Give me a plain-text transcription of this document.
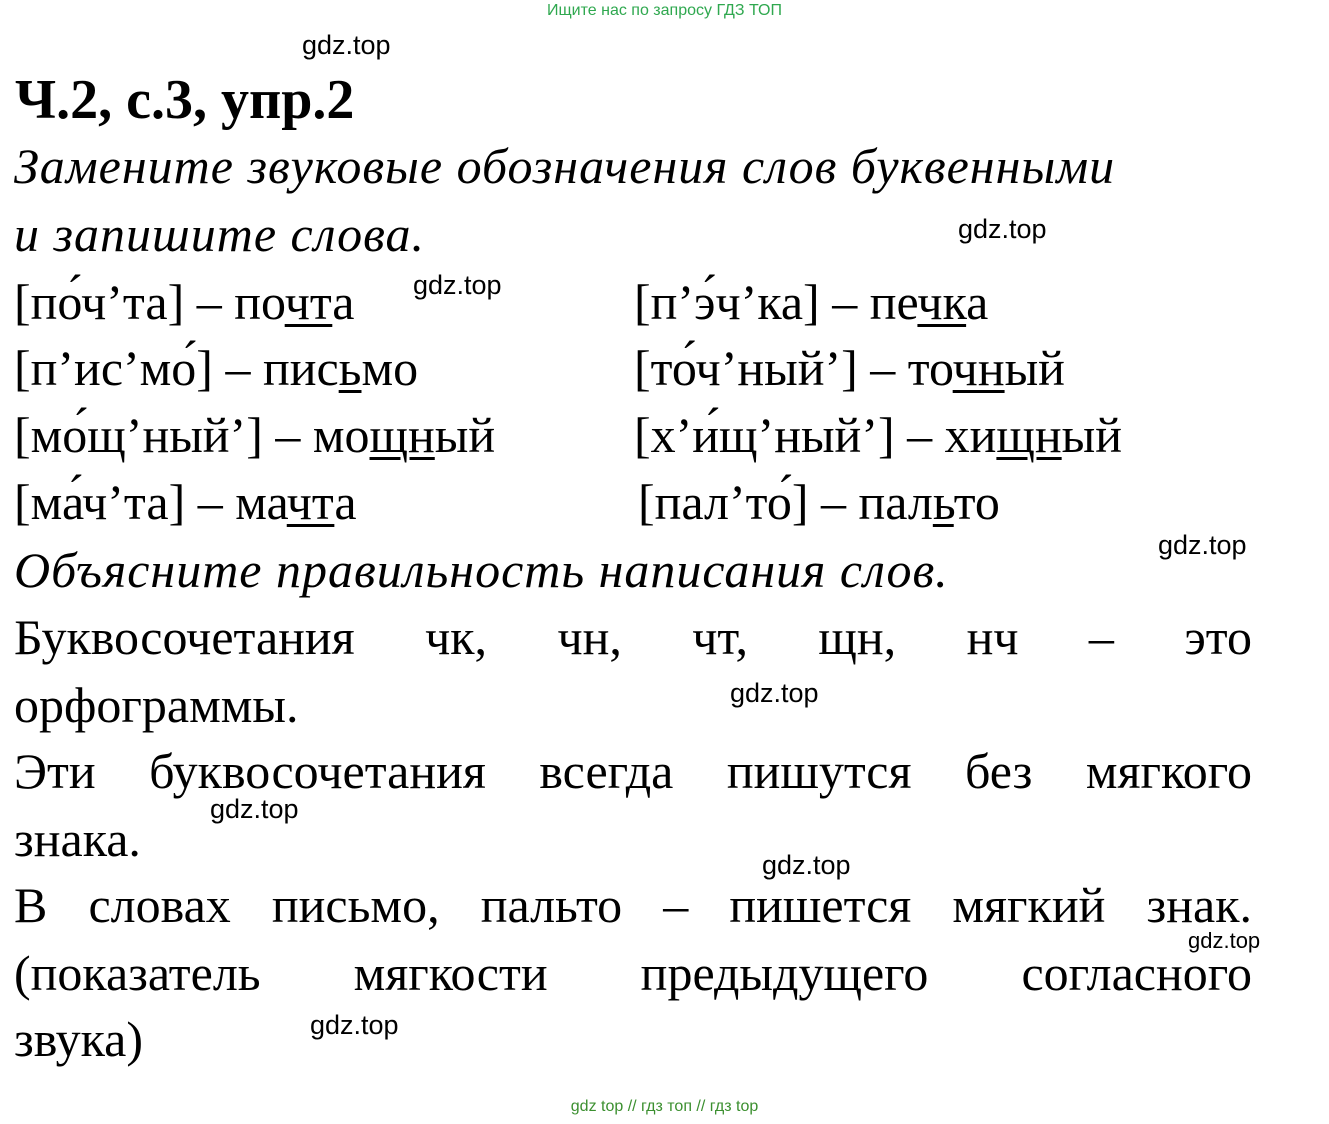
Ищите нас по запросу ГДЗ ТОП
gdz.top
gdz.top
gdz.top
gdz.top
gdz.top
gdz.top
gdz.top
gdz.top
gdz.top
Ч.2, с.3, упр.2
Замените звуковые обозначения слов буквенными
и запишите слова.
[по́ч’та] – почта	[п’э́ч’ка] – печка
[п’ис’мо́] – письмо	[то́ч’ный’] – точный
[мо́щ’ный’] – мощный	[х’и́щ’ный’] – хищный
[ма́ч’та] – мачта	[пал’то́] – пальто
Объясните правильность написания слов.
Буквосочетания чк, чн, чт, щн, нч – это
орфограммы.
Эти буквосочетания всегда пишутся без мягкого
знака.
В словах письмо, пальто – пишется мягкий знак.
(показатель мягкости предыдущего согласного
звука)
gdz top // гдз топ // гдз top
